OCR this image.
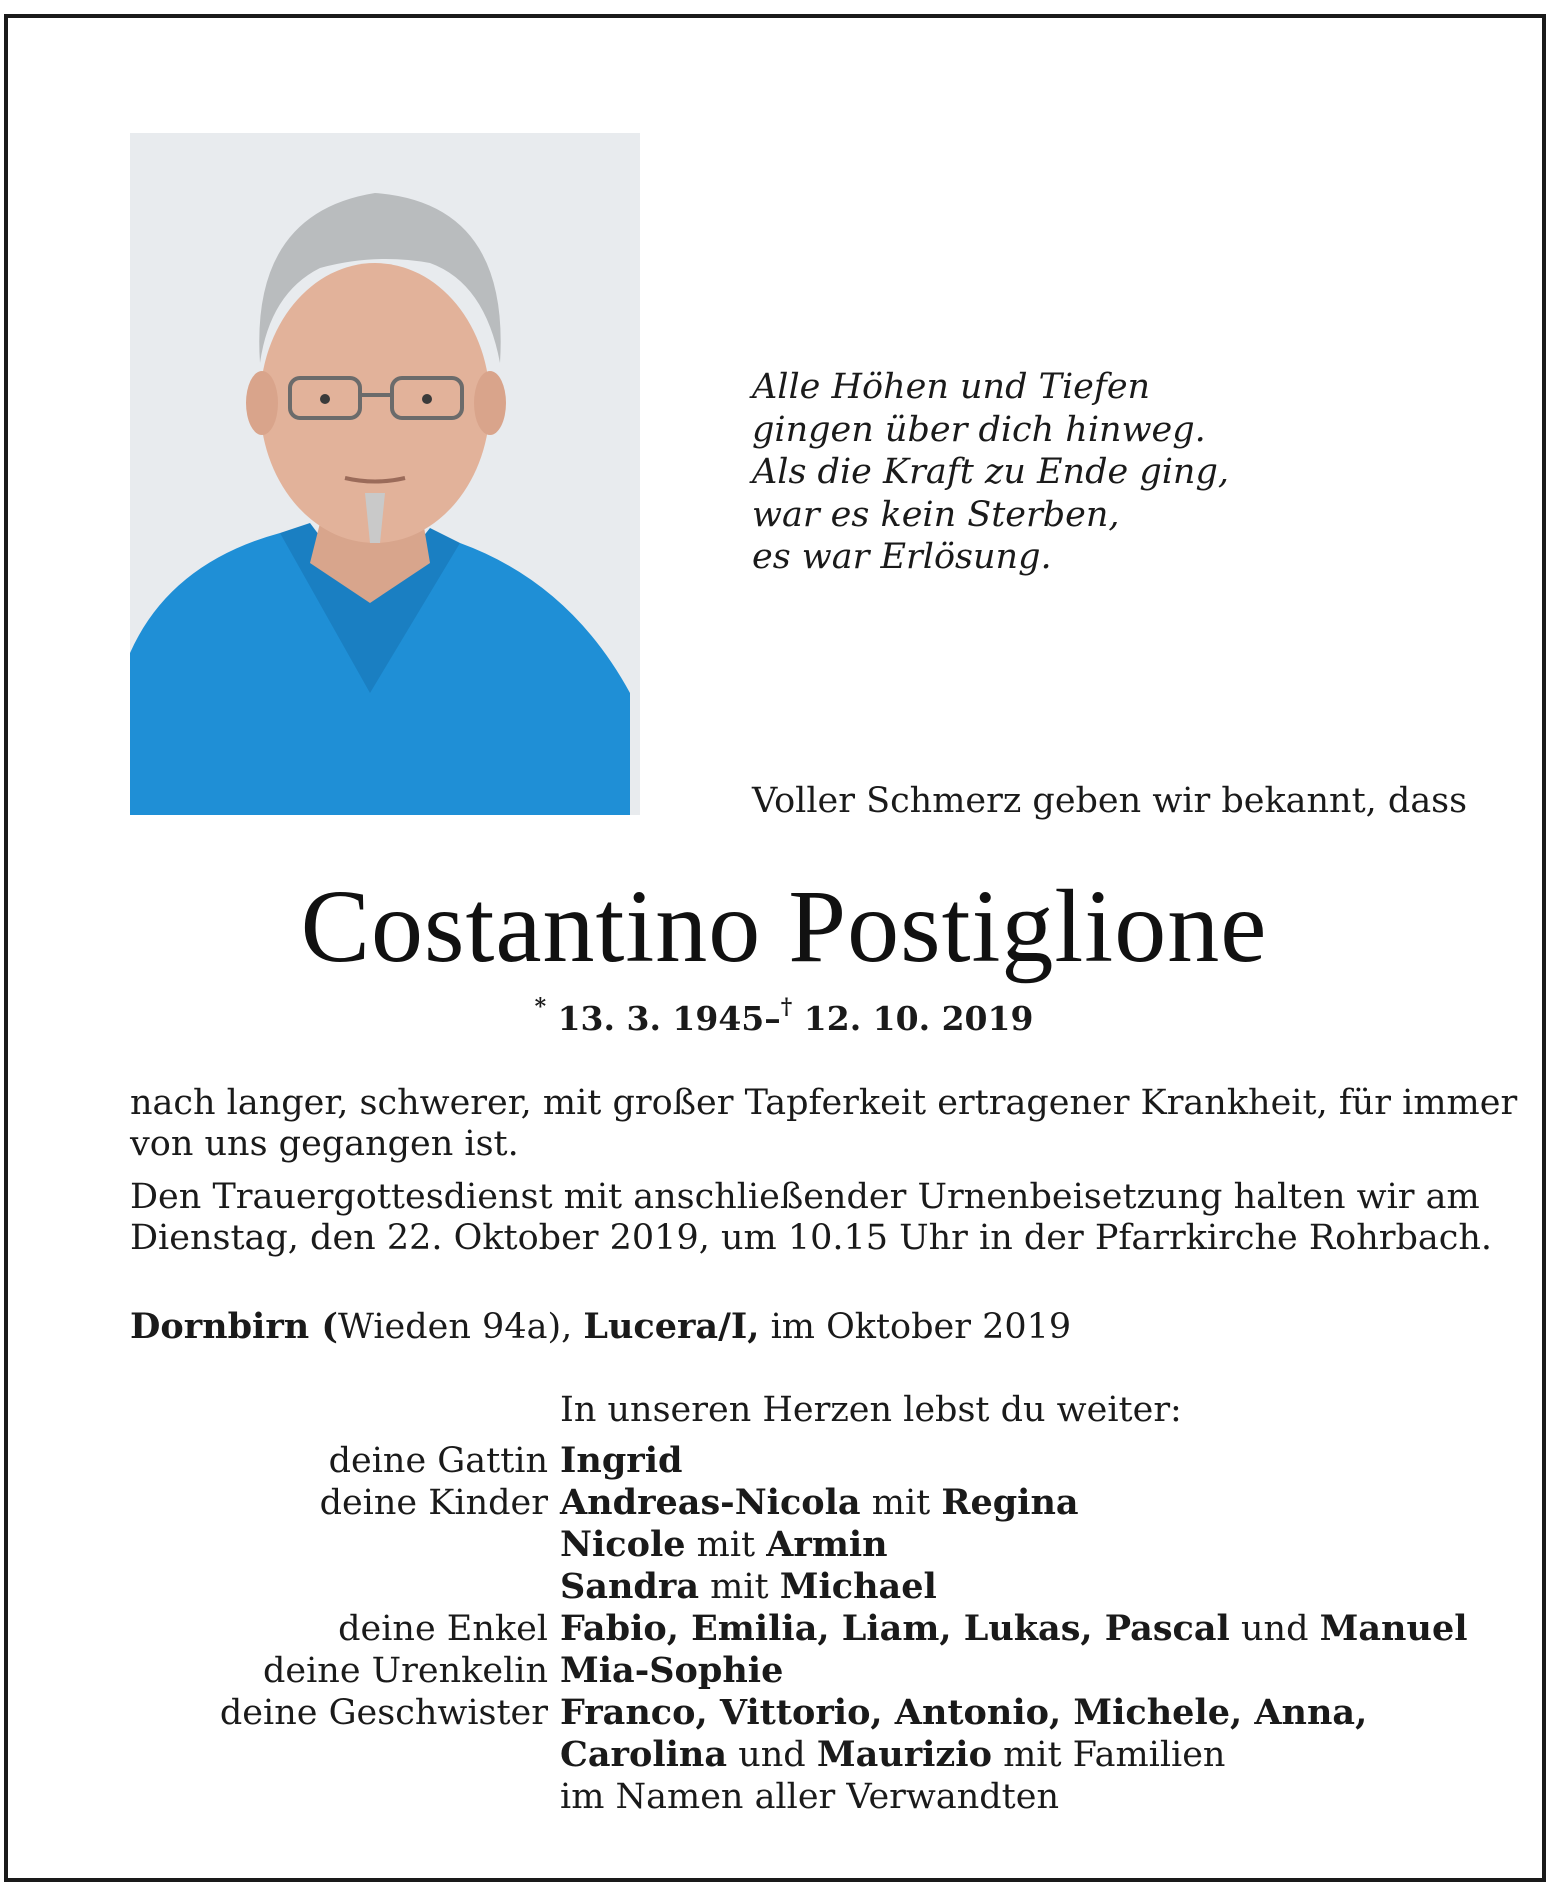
Alle Höhen und Tiefen
gingen über dich hinweg.
Als die Kraft zu Ende ging,
war es kein Sterben,
es war Erlösung.
Voller Schmerz geben wir bekannt, dass
Costantino Postiglione
* 13. 3. 1945–† 12. 10. 2019
nach langer, schwerer, mit großer Tapferkeit ertragener Krankheit, für immer
von uns gegangen ist.
Den Trauergottesdienst mit anschließender Urnenbeisetzung halten wir am
Dienstag, den 22. Oktober 2019, um 10.15 Uhr in der Pfarrkirche Rohrbach.
Dornbirn (Wieden 94a), Lucera/I, im Oktober 2019
In unseren Herzen lebst du weiter:
deine Gattin Ingrid
deine Kinder Andreas-Nicola mit Regina
Nicole mit Armin
Sandra mit Michael
deine Enkel Fabio, Emilia, Liam, Lukas, Pascal und Manuel
deine Urenkelin Mia-Sophie
deine Geschwister Franco, Vittorio, Antonio, Michele, Anna,
Carolina und Maurizio mit Familien
im Namen aller Verwandten
